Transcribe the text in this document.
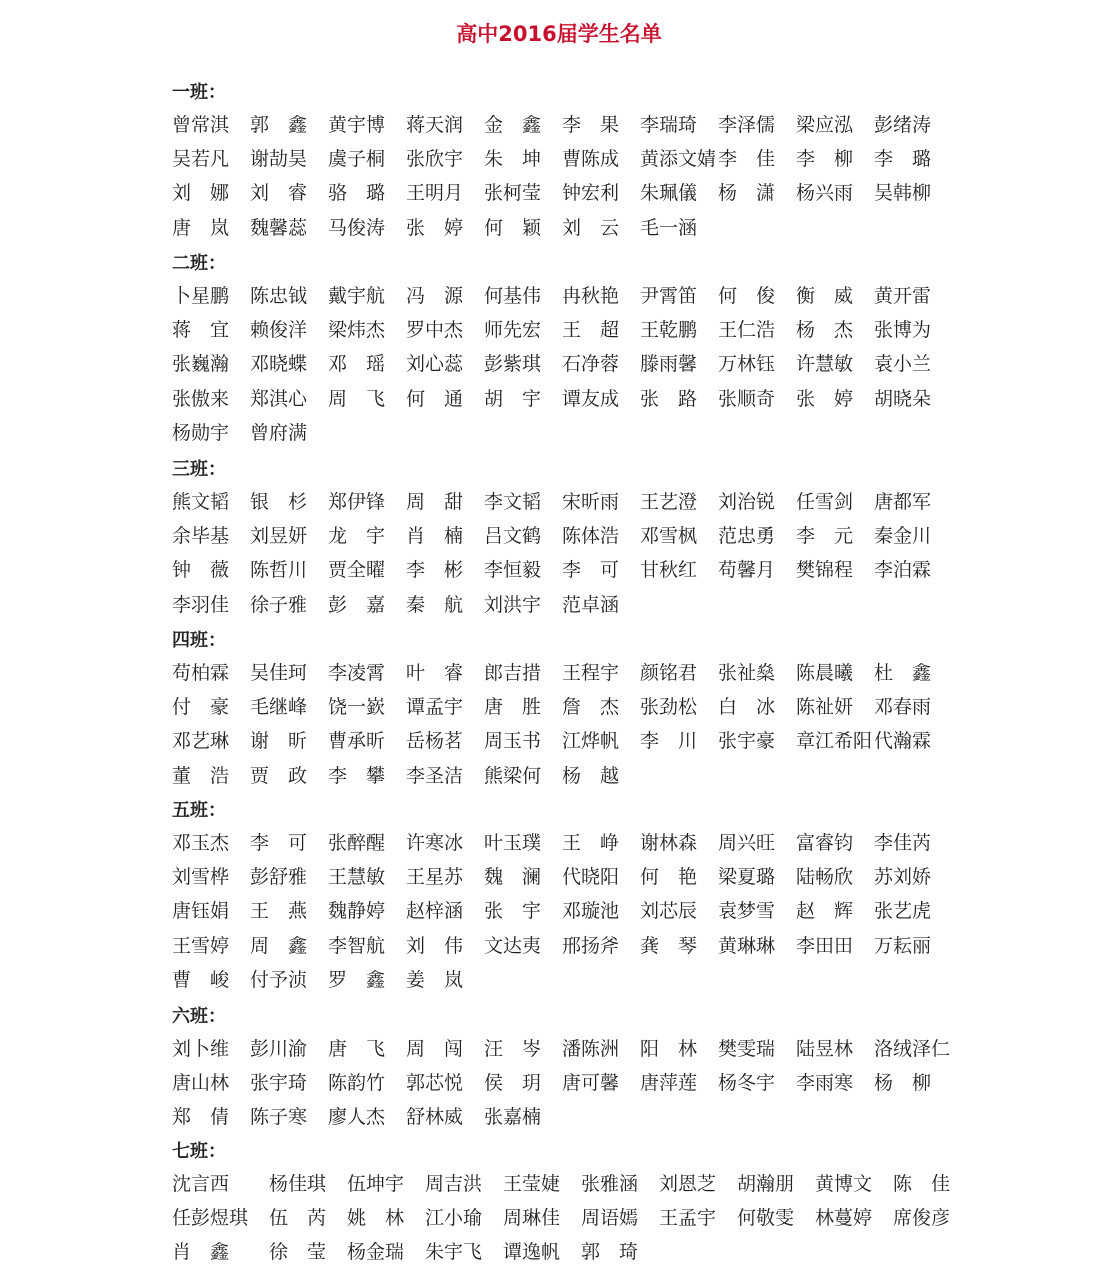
高中2016届学生名单
一班：
曾常淇 郭　鑫 黄宇博 蒋天润 金　鑫 李　果 李瑞琦 李泽儒 梁应泓 彭绪涛
吴若凡 谢劼昊 虞子桐 张欣宇 朱　坤 曹陈成 黄添文婧 李　佳 李　柳 李　璐
刘　娜 刘　睿 骆　璐 王明月 张柯莹 钟宏利 朱珮儀 杨　潇 杨兴雨 吴韩柳
唐　岚 魏馨蕊 马俊涛 张　婷 何　颖 刘　云 毛一涵
二班：
卜星鹏 陈忠钺 戴宇航 冯　源 何基伟 冉秋艳 尹霄笛 何　俊 衡　威 黄开雷
蒋　宜 赖俊洋 梁炜杰 罗中杰 师先宏 王　超 王乾鹏 王仁浩 杨　杰 张博为
张巍瀚 邓晓蝶 邓　瑶 刘心蕊 彭紫琪 石净蓉 滕雨馨 万林钰 许慧敏 袁小兰
张傲来 郑淇心 周　飞 何　通 胡　宇 谭友成 张　路 张顺奇 张　婷 胡晓朵
杨勋宇 曾府满
三班：
熊文韬 银　杉 郑伊锋 周　甜 李文韬 宋昕雨 王艺澄 刘治锐 任雪剑 唐都军
余毕基 刘昱妍 龙　宇 肖　楠 吕文鹤 陈体浩 邓雪枫 范忠勇 李　元 秦金川
钟　薇 陈哲川 贾全曜 李　彬 李恒毅 李　可 甘秋红 苟馨月 樊锦程 李泊霖
李羽佳 徐子雅 彭　嘉 秦　航 刘洪宇 范卓涵
四班：
苟柏霖 吴佳珂 李凌霄 叶　睿 郎吉措 王程宇 颜铭君 张祉燊 陈晨曦 杜　鑫
付　豪 毛继峰 饶一嶔 谭孟宇 唐　胜 詹　杰 张劲松 白　冰 陈祉妍 邓春雨
邓艺琳 谢　昕 曹承昕 岳杨茗 周玉书 江烨帆 李　川 张宇豪 章江希阳 代瀚霖
董　浩 贾　政 李　攀 李圣洁 熊梁何 杨　越
五班：
邓玉杰 李　可 张醉醒 许寒冰 叶玉璞 王　峥 谢林森 周兴旺 富睿钧 李佳芮
刘雪桦 彭舒雅 王慧敏 王星苏 魏　澜 代晓阳 何　艳 梁夏璐 陆畅欣 苏刘娇
唐钰娟 王　燕 魏静婷 赵梓涵 张　宇 邓璇池 刘芯辰 袁梦雪 赵　辉 张艺虎
王雪婷 周　鑫 李智航 刘　伟 文达夷 邢扬斧 龚　琴 黄琳琳 李田田 万耘丽
曹　峻 付予浈 罗　鑫 姜　岚
六班：
刘卜维 彭川渝 唐　飞 周　闯 汪　岑 潘陈洲 阳　林 樊雯瑞 陆昱林 洛绒泽仁
唐山林 张宇琦 陈韵竹 郭芯悦 侯　玥 唐可馨 唐萍莲 杨冬宇 李雨寒 杨　柳
郑　倩 陈子寒 廖人杰 舒林威 张嘉楠
七班：
沈言西 杨佳琪 伍坤宇 周吉洪 王莹婕 张雅涵 刘恩芝 胡瀚朋 黄博文 陈　佳
任彭煜琪 伍　芮 姚　林 江小瑜 周琳佳 周语嫣 王孟宇 何敬雯 林蔓婷 席俊彦
肖　鑫 徐　莹 杨金瑞 朱宇飞 谭逸帆 郭　琦
